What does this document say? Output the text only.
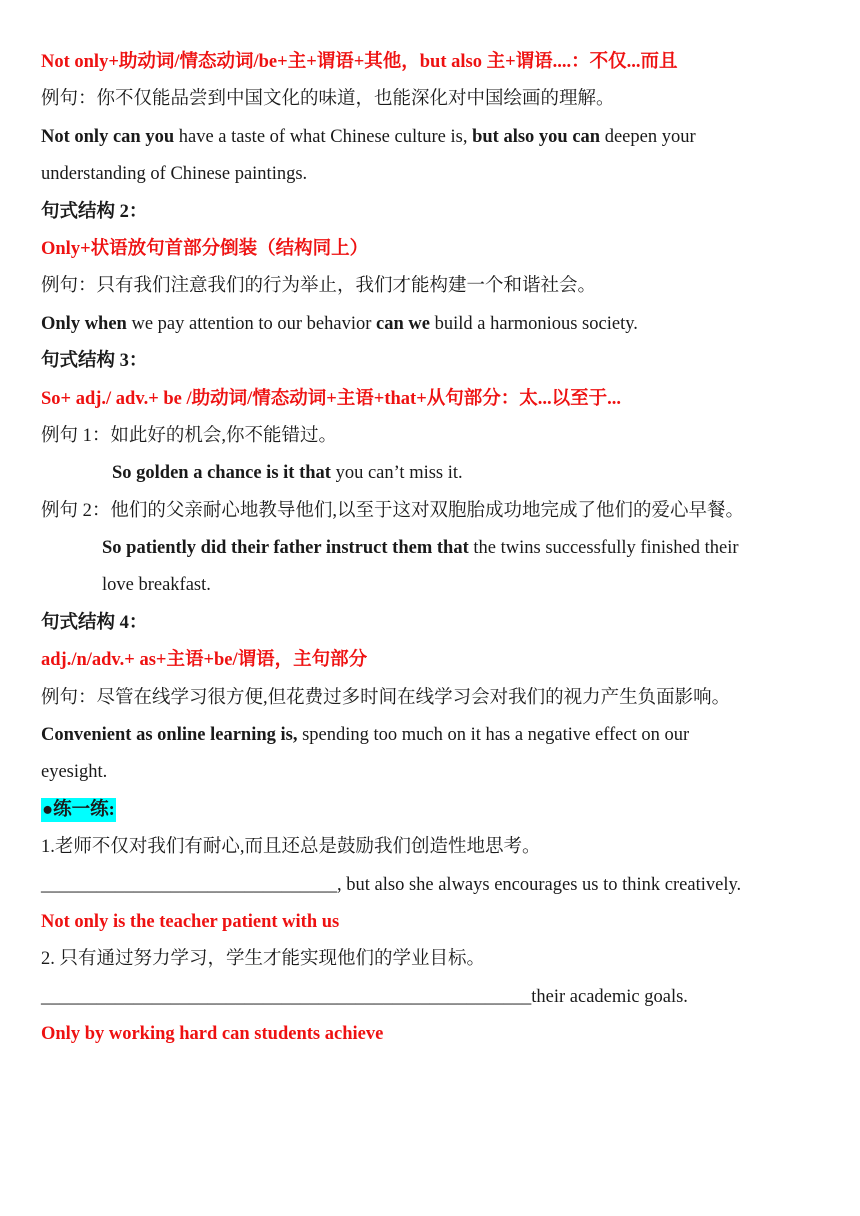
Not only+助动词/情态动词/be+主+谓语+其他，but also 主+谓语....：不仅...而且
例句：你不仅能品尝到中国文化的味道，也能深化对中国绘画的理解。
Not only can you have a taste of what Chinese culture is, but also you can deepen your
understanding of Chinese paintings.
句式结构 2：
Only+状语放句首部分倒装（结构同上）
例句：只有我们注意我们的行为举止，我们才能构建一个和谐社会。
Only when we pay attention to our behavior can we build a harmonious society.
句式结构 3：
So+ adj./ adv.+ be /助动词/情态动词+主语+that+从句部分：太...以至于...
例句 1：如此好的机会,你不能错过。
So golden a chance is it that you can’t miss it.
例句 2：他们的父亲耐心地教导他们,以至于这对双胞胎成功地完成了他们的爱心早餐。
So patiently did their father instruct them that the twins successfully finished their
love breakfast.
句式结构 4：
adj./n/adv.+ as+主语+be/谓语，主句部分
例句：尽管在线学习很方便,但花费过多时间在线学习会对我们的视力产生负面影响。
Convenient as online learning is, spending too much on it has a negative effect on our
eyesight.
●练一练:
1.老师不仅对我们有耐心,而且还总是鼓励我们创造性地思考。
________________________________, but also she always encourages us to think creatively.
Not only is the teacher patient with us
2. 只有通过努力学习，学生才能实现他们的学业目标。
_____________________________________________________their academic goals.
Only by working hard can students achieve
